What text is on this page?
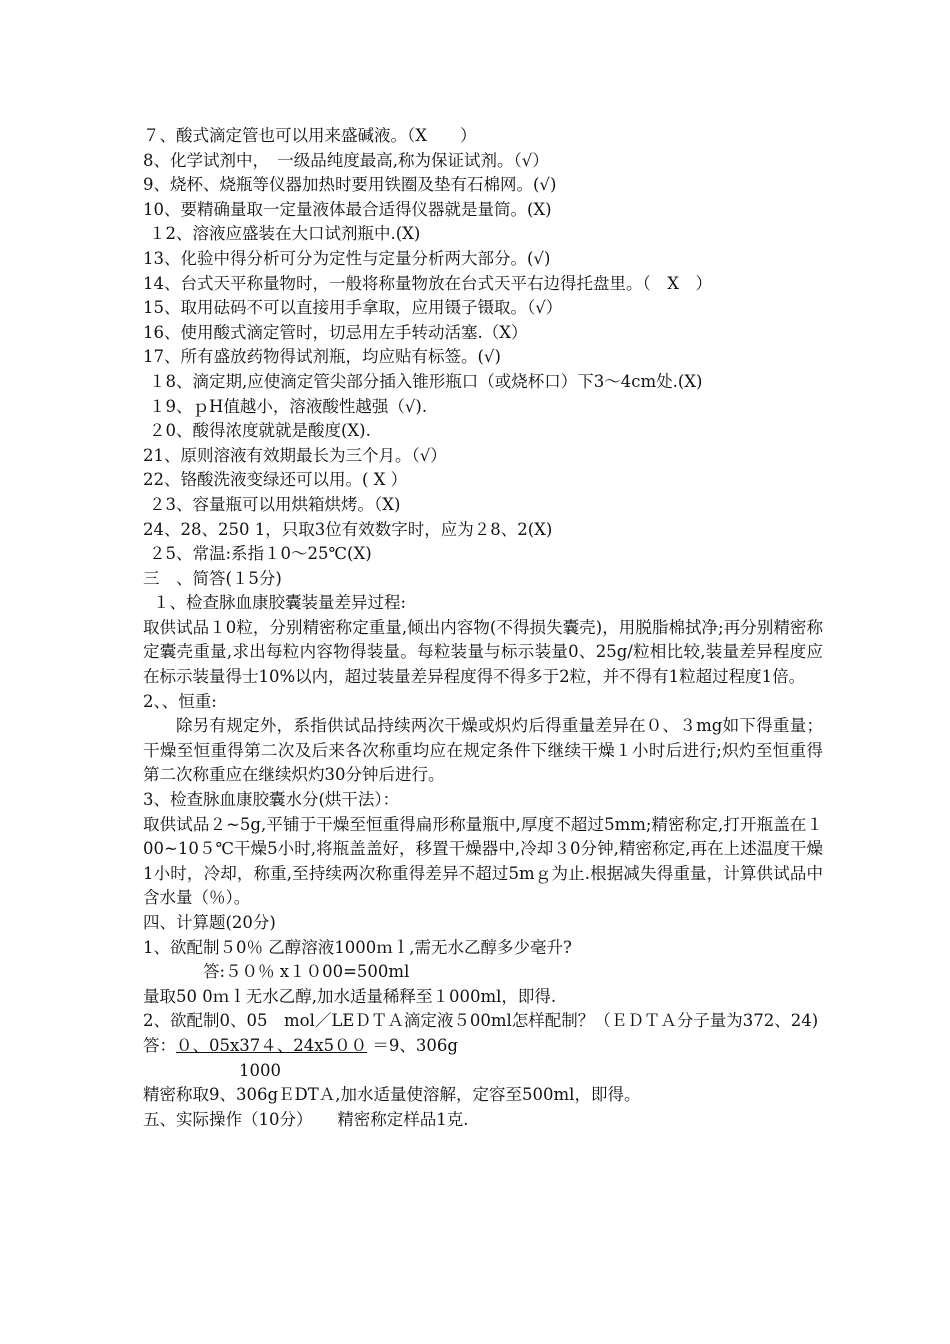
７、酸式滴定管也可以用来盛碱液。（X　　）
8、化学试剂中，　一级品纯度最高,称为保证试剂。（√）
9、烧杯、烧瓶等仪器加热时要用铁圈及垫有石棉网。(√)
10、要精确量取一定量液体最合适得仪器就是量筒。(X)
１2、溶液应盛装在大口试剂瓶中.(X)
13、化验中得分析可分为定性与定量分析两大部分。(√)
14、台式天平称量物时，一般将称量物放在台式天平右边得托盘里。（　X　）
15、取用砝码不可以直接用手拿取，应用镊子镊取。（√）
16、使用酸式滴定管时，切忌用左手转动活塞.（X）
17、所有盛放药物得试剂瓶，均应贴有标签。(√)
１8、滴定期,应使滴定管尖部分插入锥形瓶口（或烧杯口）下3～4cm处.(X)
１9、ｐH值越小，溶液酸性越强（√).
２0、酸得浓度就就是酸度(X).
21、原则溶液有效期最长为三个月。（√）
22、铬酸洗液变绿还可以用。( X ）
２3、容量瓶可以用烘箱烘烤。（X)
24、28、250 1，只取3位有效数字时，应为２8、2(X)
２5、常温:系指１0～25℃(X)
三　、简答(１5分)
１、检查脉血康胶囊装量差异过程:
取供试品１0粒，分别精密称定重量,倾出内容物(不得损失囊壳)，用脱脂棉拭净;再分别精密称定囊壳重量,求出每粒内容物得装量。每粒装量与标示装量0、25g/粒相比较,装量差异程度应在标示装量得士10%以内，超过装量差异程度得不得多于2粒，并不得有1粒超过程度1倍。
2、、恒重:
除另有规定外，系指供试品持续两次干燥或炽灼后得重量差异在０、３mg如下得重量；干燥至恒重得第二次及后来各次称重均应在规定条件下继续干燥１小时后进行;炽灼至恒重得第二次称重应在继续炽灼30分钟后进行。
3、检查脉血康胶囊水分(烘干法）：
取供试品２~5g,平铺于干燥至恒重得扁形称量瓶中,厚度不超过5mm;精密称定,打开瓶盖在１00~10５℃干燥5小时,将瓶盖盖好，移置干燥器中,冷却３0分钟,精密称定,再在上述温度干燥1小时，冷却，称重,至持续两次称重得差异不超过5mｇ为止.根据减失得重量，计算供试品中含水量（％）。
四、计算题(20分)
1、欲配制５0％ 乙醇溶液1000ｍｌ,需无水乙醇多少毫升?
答:５０％ x１０00=500ml
量取50 0ｍｌ无水乙醇,加水适量稀释至１000ml，即得.
2、欲配制0、05　mol／LEＤＴＡ滴定液５00ml怎样配制？（ＥＤＴＡ分子量为372、24)
答：０、05x37４、24x5００ ＝9、306g
1000
精密称取9、306gＥDTＡ,加水适量使溶解，定容至500ml，即得。
五、实际操作（10分）　　 精密称定样品1克.
